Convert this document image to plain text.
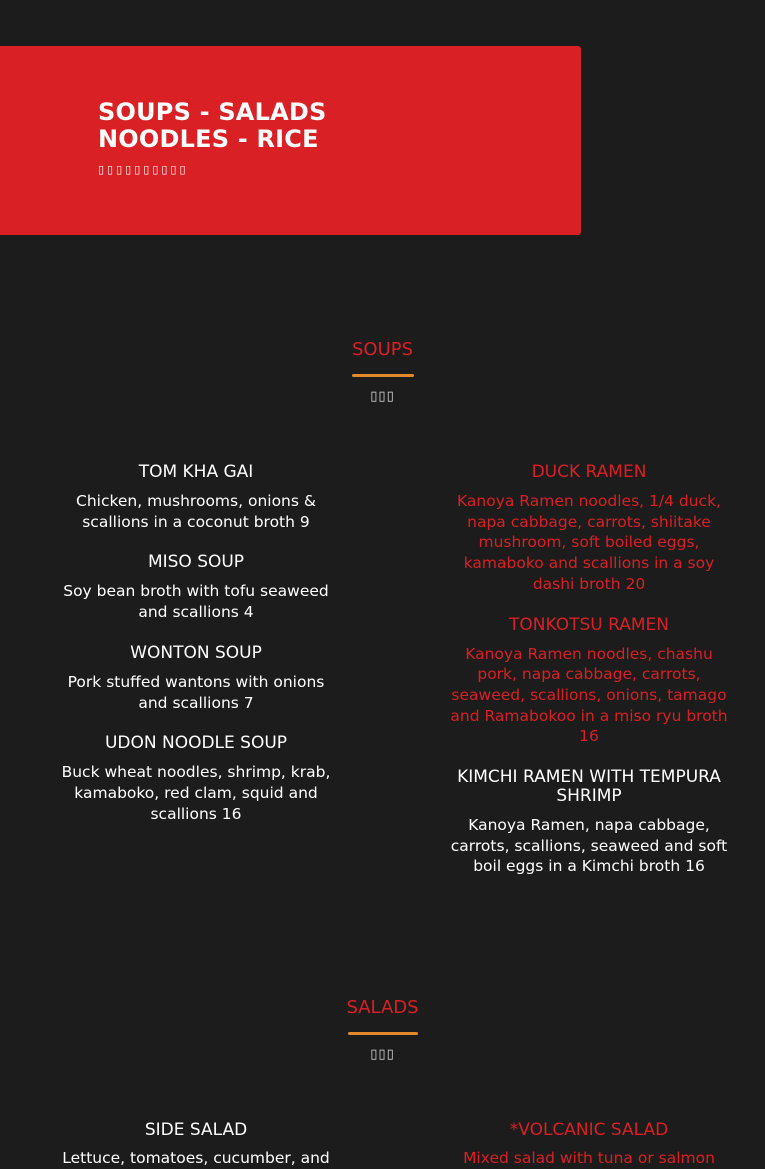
SOUPS - SALADS
NOODLES - RICE
▯▯▯▯▯▯▯▯▯▯
SOUPS
▯▯▯
TOM KHA GAI

Chicken, mushrooms, onions & scallions in a coconut broth 9

MISO SOUP

Soy bean broth with tofu seaweed and scallions 4

WONTON SOUP

Pork stuffed wantons with onions and scallions 7

UDON NOODLE SOUP

Buck wheat noodles, shrimp, krab, kamaboko, red clam, squid and scallions 16

DUCK RAMEN

Kanoya Ramen noodles, 1/4 duck, napa cabbage, carrots, shiitake mushroom, soft boiled eggs, kamaboko and scallions in a soy dashi broth 20

TONKOTSU RAMEN

Kanoya Ramen noodles, chashu pork, napa cabbage, carrots, seaweed, scallions, onions, tamago and Ramabokoo in a miso ryu broth 16

KIMCHI RAMEN WITH TEMPURA SHRIMP

Kanoya Ramen, napa cabbage, carrots, scallions, seaweed and soft boil eggs in a Kimchi broth 16

SALADS
▯▯▯
SIDE SALAD

Lettuce, tomatoes, cucumber, and

*VOLCANIC SALAD

Mixed salad with tuna or salmon
